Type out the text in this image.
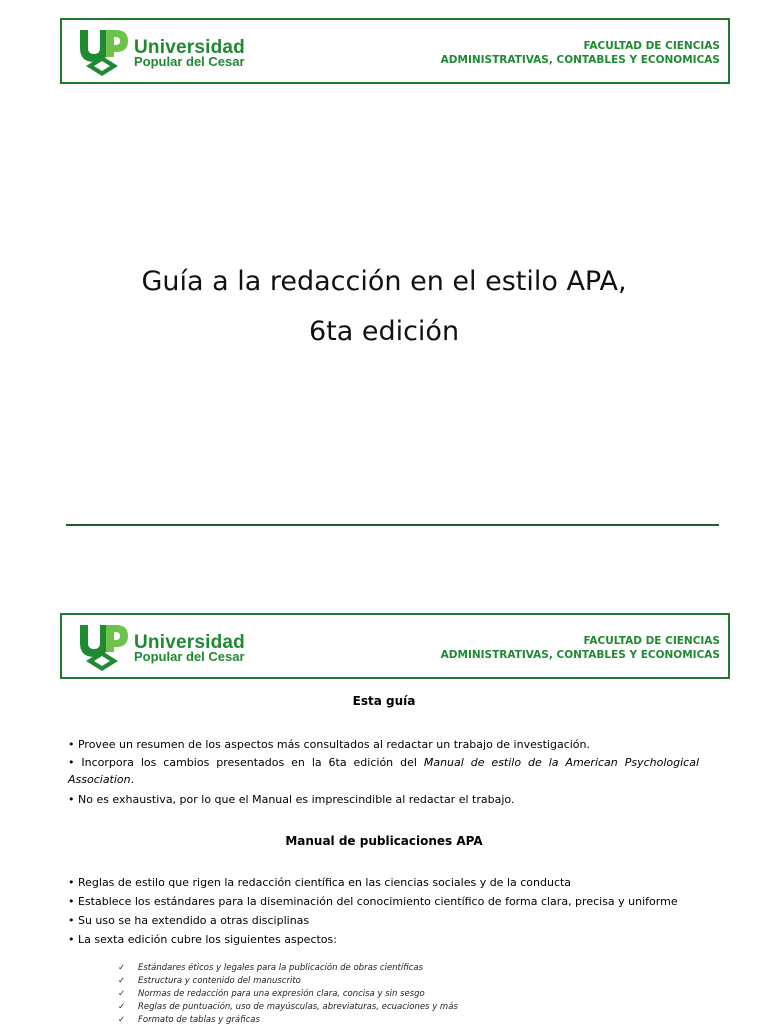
Universidad
Popular del Cesar
FACULTAD DE CIENCIAS
ADMINISTRATIVAS, CONTABLES Y ECONOMICAS
Guía a la redacción en el estilo APA,
6ta edición
Universidad
Popular del Cesar
FACULTAD DE CIENCIAS
ADMINISTRATIVAS, CONTABLES Y ECONOMICAS
Esta guía

• Provee un resumen de los aspectos más consultados al redactar un trabajo de investigación.

• Incorpora los cambios presentados en la 6ta edición del Manual de estilo de la American Psychological Association.

• No es exhaustiva, por lo que el Manual es imprescindible al redactar el trabajo.

Manual de publicaciones APA

• Reglas de estilo que rigen la redacción científica en las ciencias sociales y de la conducta

• Establece los estándares para la diseminación del conocimiento científico de forma clara, precisa y uniforme

• Su uso se ha extendido a otras disciplinas

• La sexta edición cubre los siguientes aspectos:

✓ Estándares éticos y legales para la publicación de obras científicas
✓ Estructura y contenido del manuscrito
✓ Normas de redacción para una expresión clara, concisa y sin sesgo
✓ Reglas de puntuación, uso de mayúsculas, abreviaturas, ecuaciones y más
✓ Formato de tablas y gráficas
